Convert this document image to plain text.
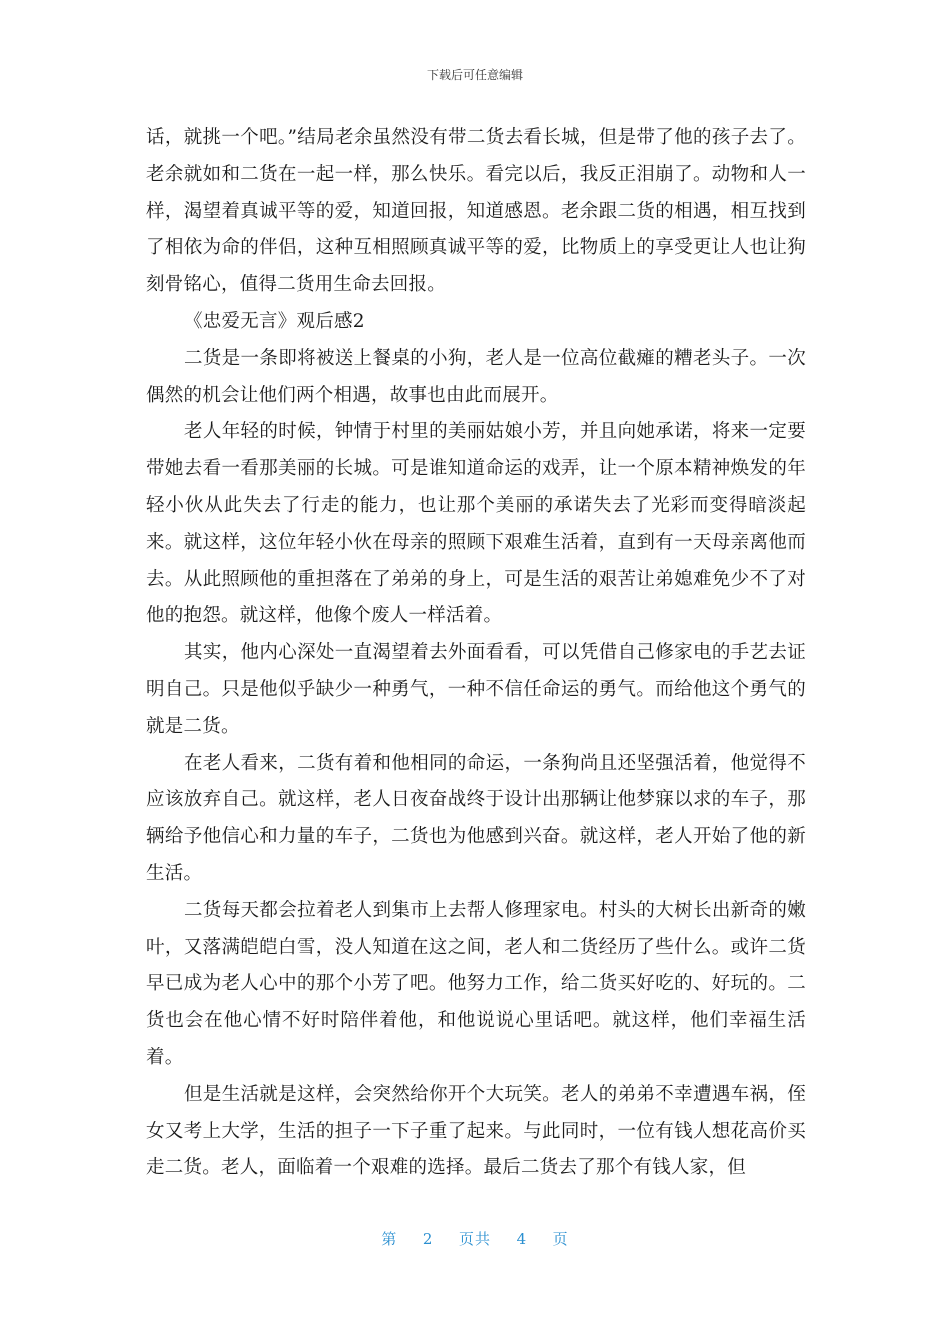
下载后可任意编辑

话，就挑一个吧。”结局老余虽然没有带二货去看长城，但是带了他的孩子去了。老余就如和二货在一起一样，那么快乐。看完以后，我反正泪崩了。动物和人一样，渴望着真诚平等的爱，知道回报，知道感恩。老余跟二货的相遇，相互找到了相依为命的伴侣，这种互相照顾真诚平等的爱，比物质上的享受更让人也让狗刻骨铭心，值得二货用生命去回报。

《忠爱无言》观后感2

二货是一条即将被送上餐桌的小狗，老人是一位高位截瘫的糟老头子。一次偶然的机会让他们两个相遇，故事也由此而展开。

老人年轻的时候，钟情于村里的美丽姑娘小芳，并且向她承诺，将来一定要带她去看一看那美丽的长城。可是谁知道命运的戏弄，让一个原本精神焕发的年轻小伙从此失去了行走的能力，也让那个美丽的承诺失去了光彩而变得暗淡起来。就这样，这位年轻小伙在母亲的照顾下艰难生活着，直到有一天母亲离他而去。从此照顾他的重担落在了弟弟的身上，可是生活的艰苦让弟媳难免少不了对他的抱怨。就这样，他像个废人一样活着。

其实，他内心深处一直渴望着去外面看看，可以凭借自己修家电的手艺去证明自己。只是他似乎缺少一种勇气，一种不信任命运的勇气。而给他这个勇气的就是二货。

在老人看来，二货有着和他相同的命运，一条狗尚且还坚强活着，他觉得不应该放弃自己。就这样，老人日夜奋战终于设计出那辆让他梦寐以求的车子，那辆给予他信心和力量的车子，二货也为他感到兴奋。就这样，老人开始了他的新生活。

二货每天都会拉着老人到集市上去帮人修理家电。村头的大树长出新奇的嫩叶，又落满皑皑白雪，没人知道在这之间，老人和二货经历了些什么。或许二货早已成为老人心中的那个小芳了吧。他努力工作，给二货买好吃的、好玩的。二货也会在他心情不好时陪伴着他，和他说说心里话吧。就这样，他们幸福生活着。

但是生活就是这样，会突然给你开个大玩笑。老人的弟弟不幸遭遇车祸，侄女又考上大学，生活的担子一下子重了起来。与此同时，一位有钱人想花高价买走二货。老人，面临着一个艰难的选择。最后二货去了那个有钱人家，但

第 2 页共 4 页
